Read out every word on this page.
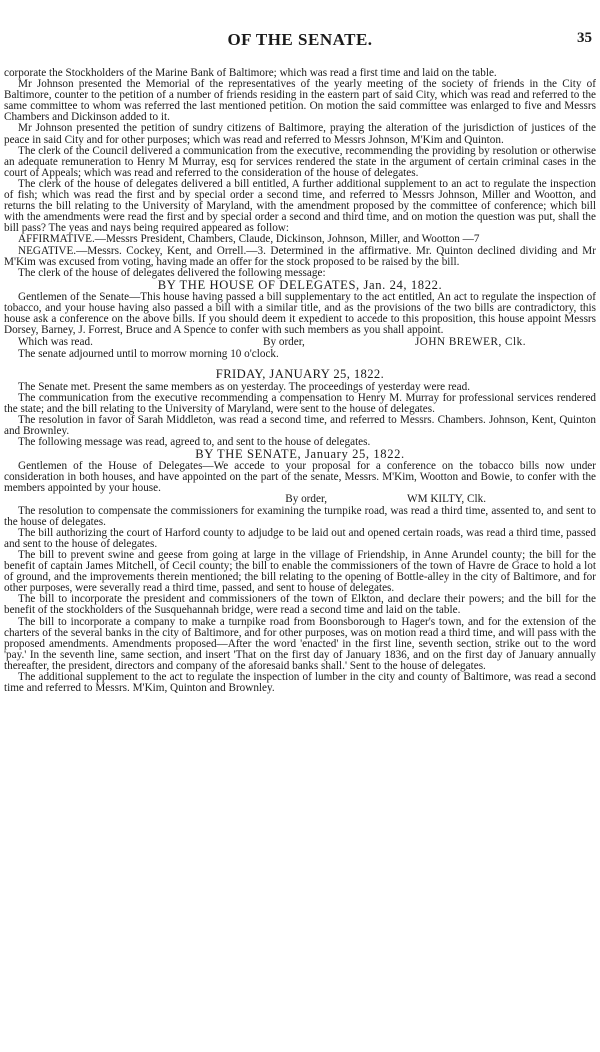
OF THE SENATE.	35

corporate the Stockholders of the Marine Bank of Baltimore; which was read a first time and laid on the table.

Mr Johnson presented the Memorial of the representatives of the yearly meeting of the society of friends in the City of Baltimore, counter to the petition of a number of friends residing in the eastern part of said City, which was read and referred to the same committee to whom was referred the last mentioned petition. On motion the said committee was enlarged to five and Messrs Chambers and Dickinson added to it.

Mr Johnson presented the petition of sundry citizens of Baltimore, praying the alteration of the jurisdiction of justices of the peace in said City and for other purposes; which was read and referred to Messrs Johnson, M'Kim and Quinton.

The clerk of the Council delivered a communication from the executive, recommending the providing by resolution or otherwise an adequate remuneration to Henry M Murray, esq for services rendered the state in the argument of certain criminal cases in the court of Appeals; which was read and referred to the consideration of the house of delegates.

The clerk of the house of delegates delivered a bill entitled, A further additional supplement to an act to regulate the inspection of fish; which was read the first and by special order a second time, and referred to Messrs Johnson, Miller and Wootton, and returns the bill relating to the University of Maryland, with the amendment proposed by the committee of conference; which bill with the amendments were read the first and by special order a second and third time, and on motion the question was put, shall the bill pass? The yeas and nays being required appeared as follow:

AFFIRMATIVE.—Messrs President, Chambers, Claude, Dickinson, Johnson, Miller, and Wootton —7

NEGATIVE.—Messrs. Cockey, Kent, and Orrell.—3. Determined in the affirmative. Mr. Quinton declined dividing and Mr M'Kim was excused from voting, having made an offer for the stock proposed to be raised by the bill.

The clerk of the house of delegates delivered the following message:

BY THE HOUSE OF DELEGATES, Jan. 24, 1822.

Gentlemen of the Senate—This house having passed a bill supplementary to the act entitled, An act to regulate the inspection of tobacco, and your house having also passed a bill with a similar title, and as the provisions of the two bills are contradictory, this house ask a conference on the above bills. If you should deem it expedient to accede to this proposition, this house appoint Messrs Dorsey, Barney, J. Forrest, Bruce and A Spence to confer with such members as you shall appoint.

Which was read.	By order,	JOHN BREWER, Clk.

The senate adjourned until to morrow morning 10 o'clock.

FRIDAY, JANUARY 25, 1822.

The Senate met. Present the same members as on yesterday. The proceedings of yesterday were read.

The communication from the executive recommending a compensation to Henry M. Murray for professional services rendered the state; and the bill relating to the University of Maryland, were sent to the house of delegates.

The resolution in favor of Sarah Middleton, was read a second time, and referred to Messrs. Chambers. Johnson, Kent, Quinton and Brownley.

The following message was read, agreed to, and sent to the house of delegates.

BY THE SENATE, January 25, 1822.

Gentlemen of the House of Delegates—We accede to your proposal for a conference on the tobacco bills now under consideration in both houses, and have appointed on the part of the senate, Messrs. M'Kim, Wootton and Bowie, to confer with the members appointed by your house.

By order,	WM KILTY, Clk.

The resolution to compensate the commissioners for examining the turnpike road, was read a third time, assented to, and sent to the house of delegates.

The bill authorizing the court of Harford county to adjudge to be laid out and opened certain roads, was read a third time, passed and sent to the house of delegates.

The bill to prevent swine and geese from going at large in the village of Friendship, in Anne Arundel county; the bill for the benefit of captain James Mitchell, of Cecil county; the bill to enable the commissioners of the town of Havre de Grace to hold a lot of ground, and the improvements therein mentioned; the bill relating to the opening of Bottle-alley in the city of Baltimore, and for other purposes, were severally read a third time, passed, and sent to house of delegates.

The bill to incorporate the president and commissioners of the town of Elkton, and declare their powers; and the bill for the benefit of the stockholders of the Susquehannah bridge, were read a second time and laid on the table.

The bill to incorporate a company to make a turnpike road from Boonsborough to Hager's town, and for the extension of the charters of the several banks in the city of Baltimore, and for other purposes, was on motion read a third time, and will pass with the proposed amendments. Amendments proposed—After the word 'enacted' in the first line, seventh section, strike out to the word 'pay.' In the seventh line, same section, and insert 'That on the first day of January 1836, and on the first day of January annually thereafter, the president, directors and company of the aforesaid banks shall.' Sent to the house of delegates.

The additional supplement to the act to regulate the inspection of lumber in the city and county of Baltimore, was read a second time and referred to Messrs. M'Kim, Quinton and Brownley.
